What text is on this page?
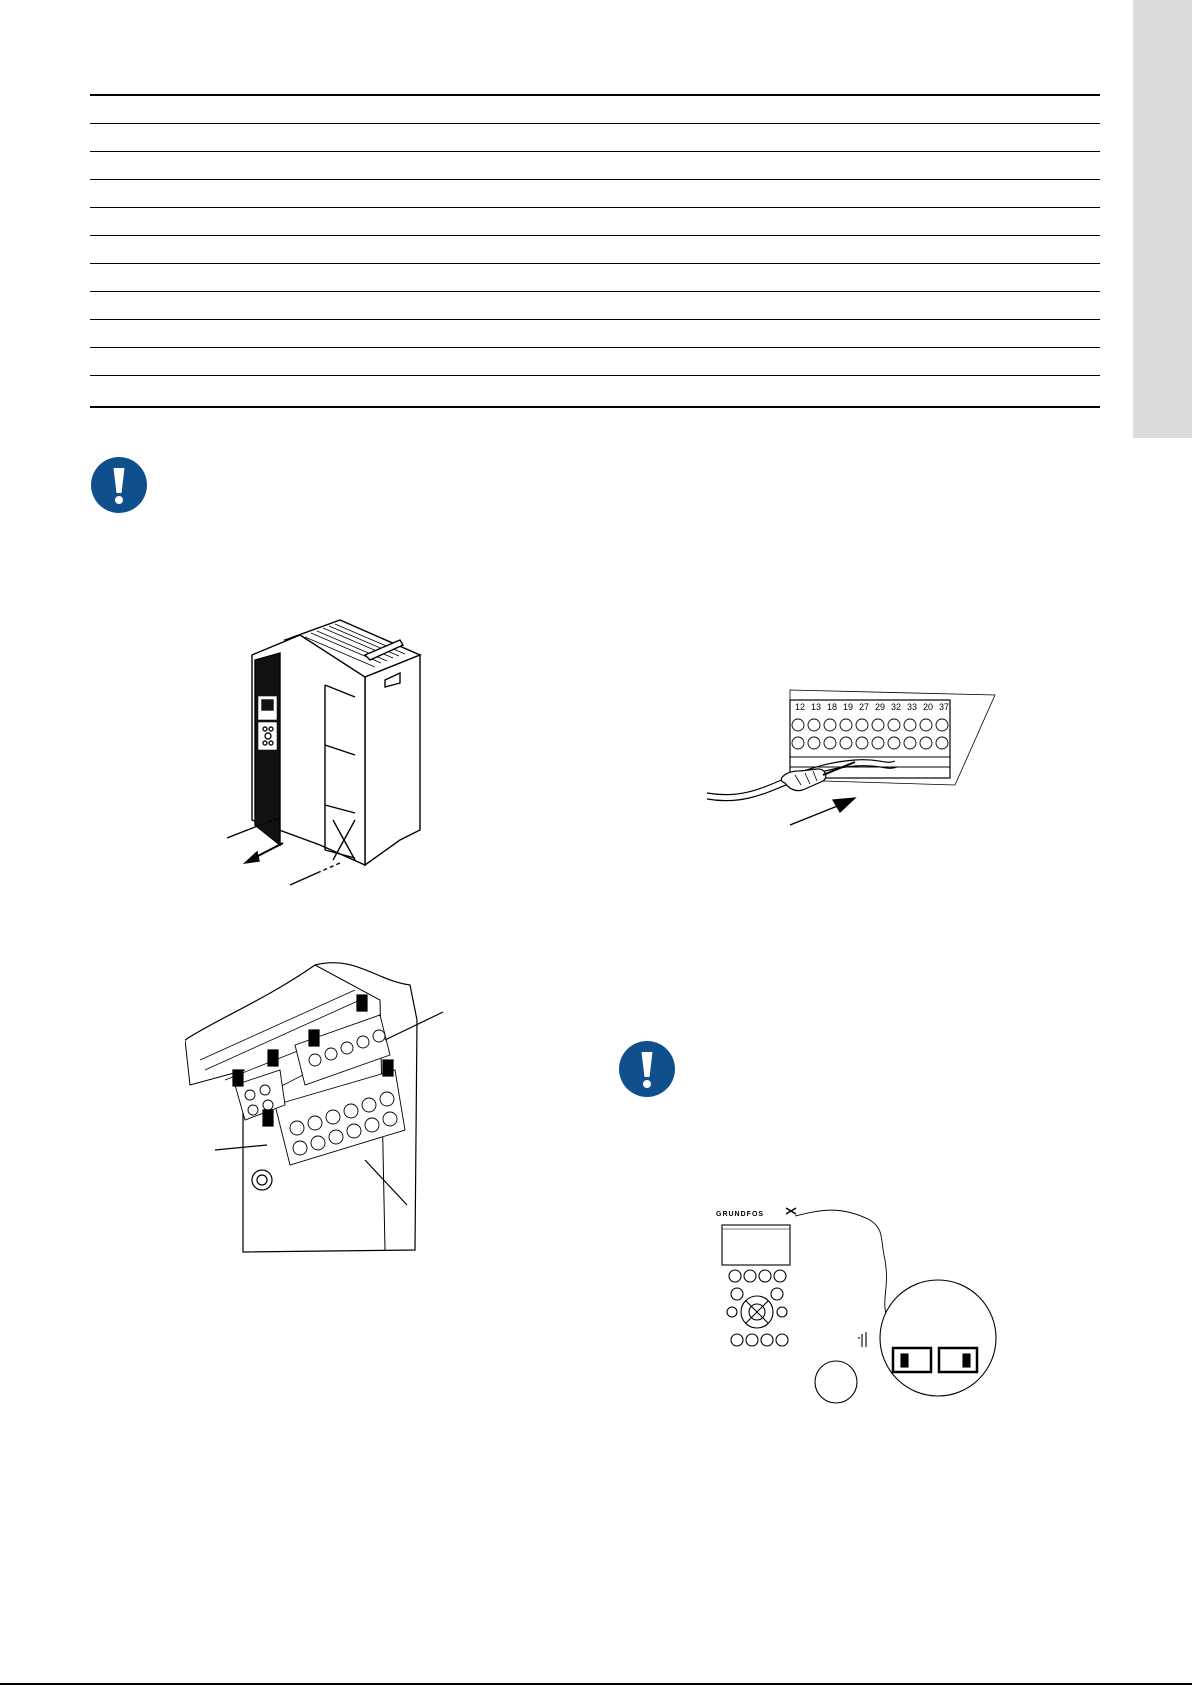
12 13 18 19 27 29 32 33 20 37
GRUNDFOS
